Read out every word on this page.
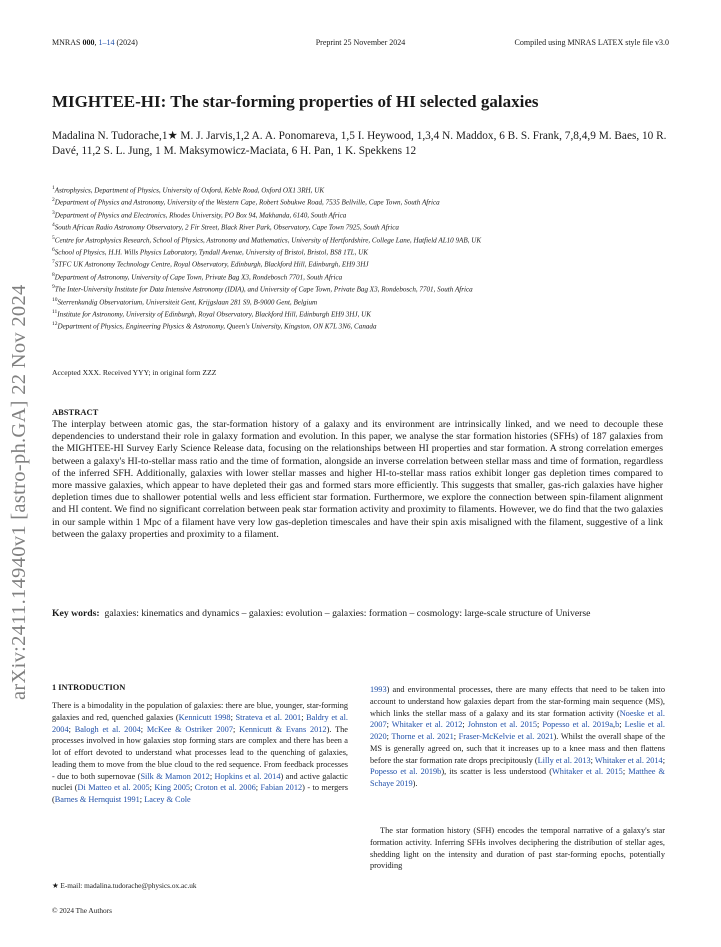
MNRAS 000, 1–14 (2024)	Preprint 25 November 2024	Compiled using MNRAS LATEX style file v3.0
arXiv:2411.14940v1 [astro-ph.GA] 22 Nov 2024
MIGHTEE-HI: The star-forming properties of HI selected galaxies
Madalina N. Tudorache,1★ M. J. Jarvis,1,2 A. A. Ponomareva, 1,5 I. Heywood, 1,3,4 N. Maddox, 6 B. S. Frank, 7,8,4,9 M. Baes, 10 R. Davé, 11,2 S. L. Jung, 1 M. Maksymowicz-Maciata, 6 H. Pan, 1 K. Spekkens 12
$^1$Astrophysics, Department of Physics, University of Oxford, Keble Road, Oxford OX1 3RH, UK
$^2$Department of Physics and Astronomy, University of the Western Cape, Robert Sobukwe Road, 7535 Bellville, Cape Town, South Africa
$^3$Department of Physics and Electronics, Rhodes University, PO Box 94, Makhanda, 6140, South Africa
$^4$South African Radio Astronomy Observatory, 2 Fir Street, Black River Park, Observatory, Cape Town 7925, South Africa
$^5$Centre for Astrophysics Research, School of Physics, Astronomy and Mathematics, University of Hertfordshire, College Lane, Hatfield AL10 9AB, UK
$^6$School of Physics, H.H. Wills Physics Laboratory, Tyndall Avenue, University of Bristol, Bristol, BS8 1TL, UK
$^7$STFC UK Astronomy Technology Centre, Royal Observatory, Edinburgh, Blackford Hill, Edinburgh, EH9 3HJ
$^8$Department of Astronomy, University of Cape Town, Private Bag X3, Rondebosch 7701, South Africa
$^9$The Inter-University Institute for Data Intensive Astronomy (IDIA), and University of Cape Town, Private Bag X3, Rondebosch, 7701, South Africa
$^{10}$Sterrenkundig Observatorium, Universiteit Gent, Krijgslaan 281 S9, B-9000 Gent, Belgium
$^{11}$Institute for Astronomy, University of Edinburgh, Royal Observatory, Blackford Hill, Edinburgh EH9 3HJ, UK
$^{12}$Department of Physics, Engineering Physics & Astronomy, Queen's University, Kingston, ON K7L 3N6, Canada
Accepted XXX. Received YYY; in original form ZZZ
ABSTRACT
The interplay between atomic gas, the star-formation history of a galaxy and its environment are intrinsically linked, and we need to decouple these dependencies to understand their role in galaxy formation and evolution. In this paper, we analyse the star formation histories (SFHs) of 187 galaxies from the MIGHTEE-HI Survey Early Science Release data, focusing on the relationships between HI properties and star formation. A strong correlation emerges between a galaxy's HI-to-stellar mass ratio and the time of formation, alongside an inverse correlation between stellar mass and time of formation, regardless of the inferred SFH. Additionally, galaxies with lower stellar masses and higher HI-to-stellar mass ratios exhibit longer gas depletion times compared to more massive galaxies, which appear to have depleted their gas and formed stars more efficiently. This suggests that smaller, gas-rich galaxies have higher depletion times due to shallower potential wells and less efficient star formation. Furthermore, we explore the connection between spin-filament alignment and HI content. We find no significant correlation between peak star formation activity and proximity to filaments. However, we do find that the two galaxies in our sample within 1 Mpc of a filament have very low gas-depletion timescales and have their spin axis misaligned with the filament, suggestive of a link between the galaxy properties and proximity to a filament.
Key words: galaxies: kinematics and dynamics – galaxies: evolution – galaxies: formation – cosmology: large-scale structure of Universe
1 INTRODUCTION
There is a bimodality in the population of galaxies: there are blue, younger, star-forming galaxies and red, quenched galaxies (Kennicutt 1998; Strateva et al. 2001; Baldry et al. 2004; Balogh et al. 2004; McKee & Ostriker 2007; Kennicutt & Evans 2012). The processes involved in how galaxies stop forming stars are complex and there has been a lot of effort devoted to understand what processes lead to the quenching of galaxies, leading them to move from the blue cloud to the red sequence. From feedback processes - due to both supernovae (Silk & Mamon 2012; Hopkins et al. 2014) and active galactic nuclei (Di Matteo et al. 2005; King 2005; Croton et al. 2006; Fabian 2012) - to mergers (Barnes & Hernquist 1991; Lacey & Cole
1993) and environmental processes, there are many effects that need to be taken into account to understand how galaxies depart from the star-forming main sequence (MS), which links the stellar mass of a galaxy and its star formation activity (Noeske et al. 2007; Whitaker et al. 2012; Johnston et al. 2015; Popesso et al. 2019a,b; Leslie et al. 2020; Thorne et al. 2021; Fraser-McKelvie et al. 2021). Whilst the overall shape of the MS is generally agreed on, such that it increases up to a knee mass and then flattens before the star formation rate drops precipitously (Lilly et al. 2013; Whitaker et al. 2014; Popesso et al. 2019b), its scatter is less understood (Whitaker et al. 2015; Matthee & Schaye 2019).
The star formation history (SFH) encodes the temporal narrative of a galaxy's star formation activity. Inferring SFHs involves deciphering the distribution of stellar ages, shedding light on the intensity and duration of past star-forming epochs, potentially providing
★ E-mail: madalina.tudorache@physics.ox.ac.uk
© 2024 The Authors
